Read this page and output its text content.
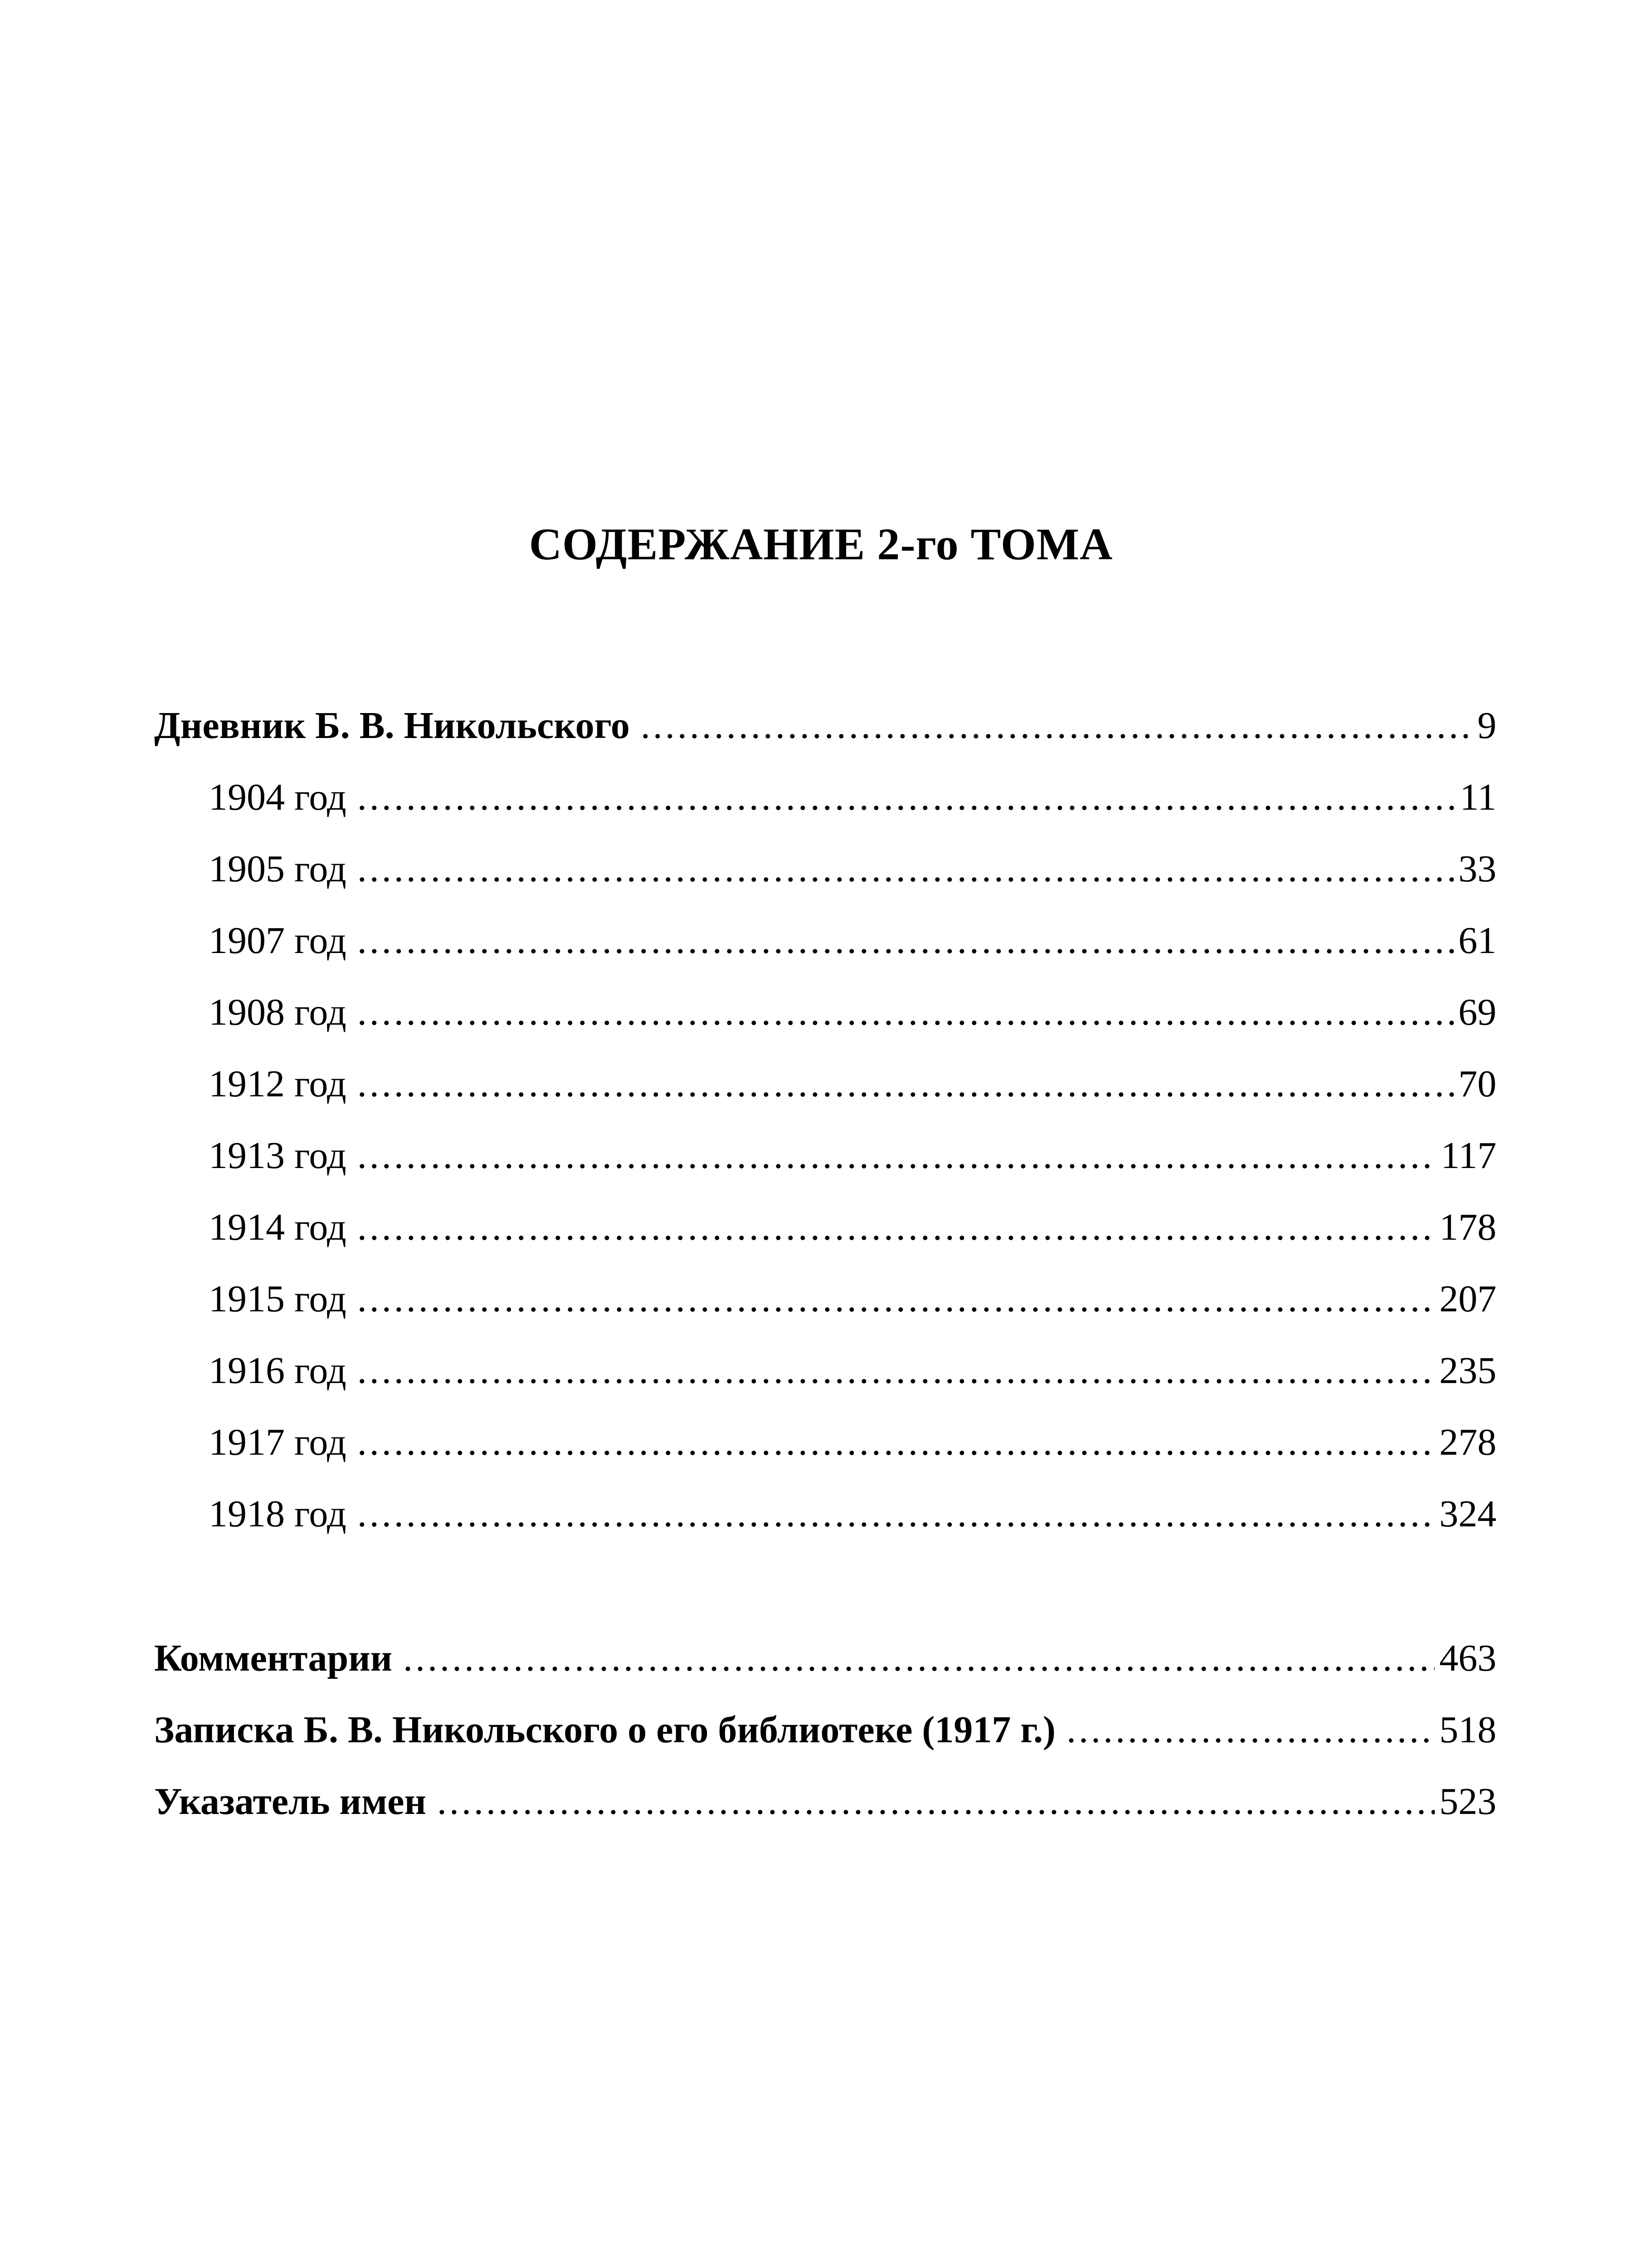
СОДЕРЖАНИЕ 2-го ТОМА
Дневник Б. В. Никольского .....	9
1904 год .....	11
1905 год .....	33
1907 год .....	61
1908 год .....	69
1912 год .....	70
1913 год .....	117
1914 год .....	178
1915 год .....	207
1916 год .....	235
1917 год .....	278
1918 год .....	324
Комментарии .....	463
Записка Б. В. Никольского о его библиотеке (1917 г.) .....	518
Указатель имен .....	523
